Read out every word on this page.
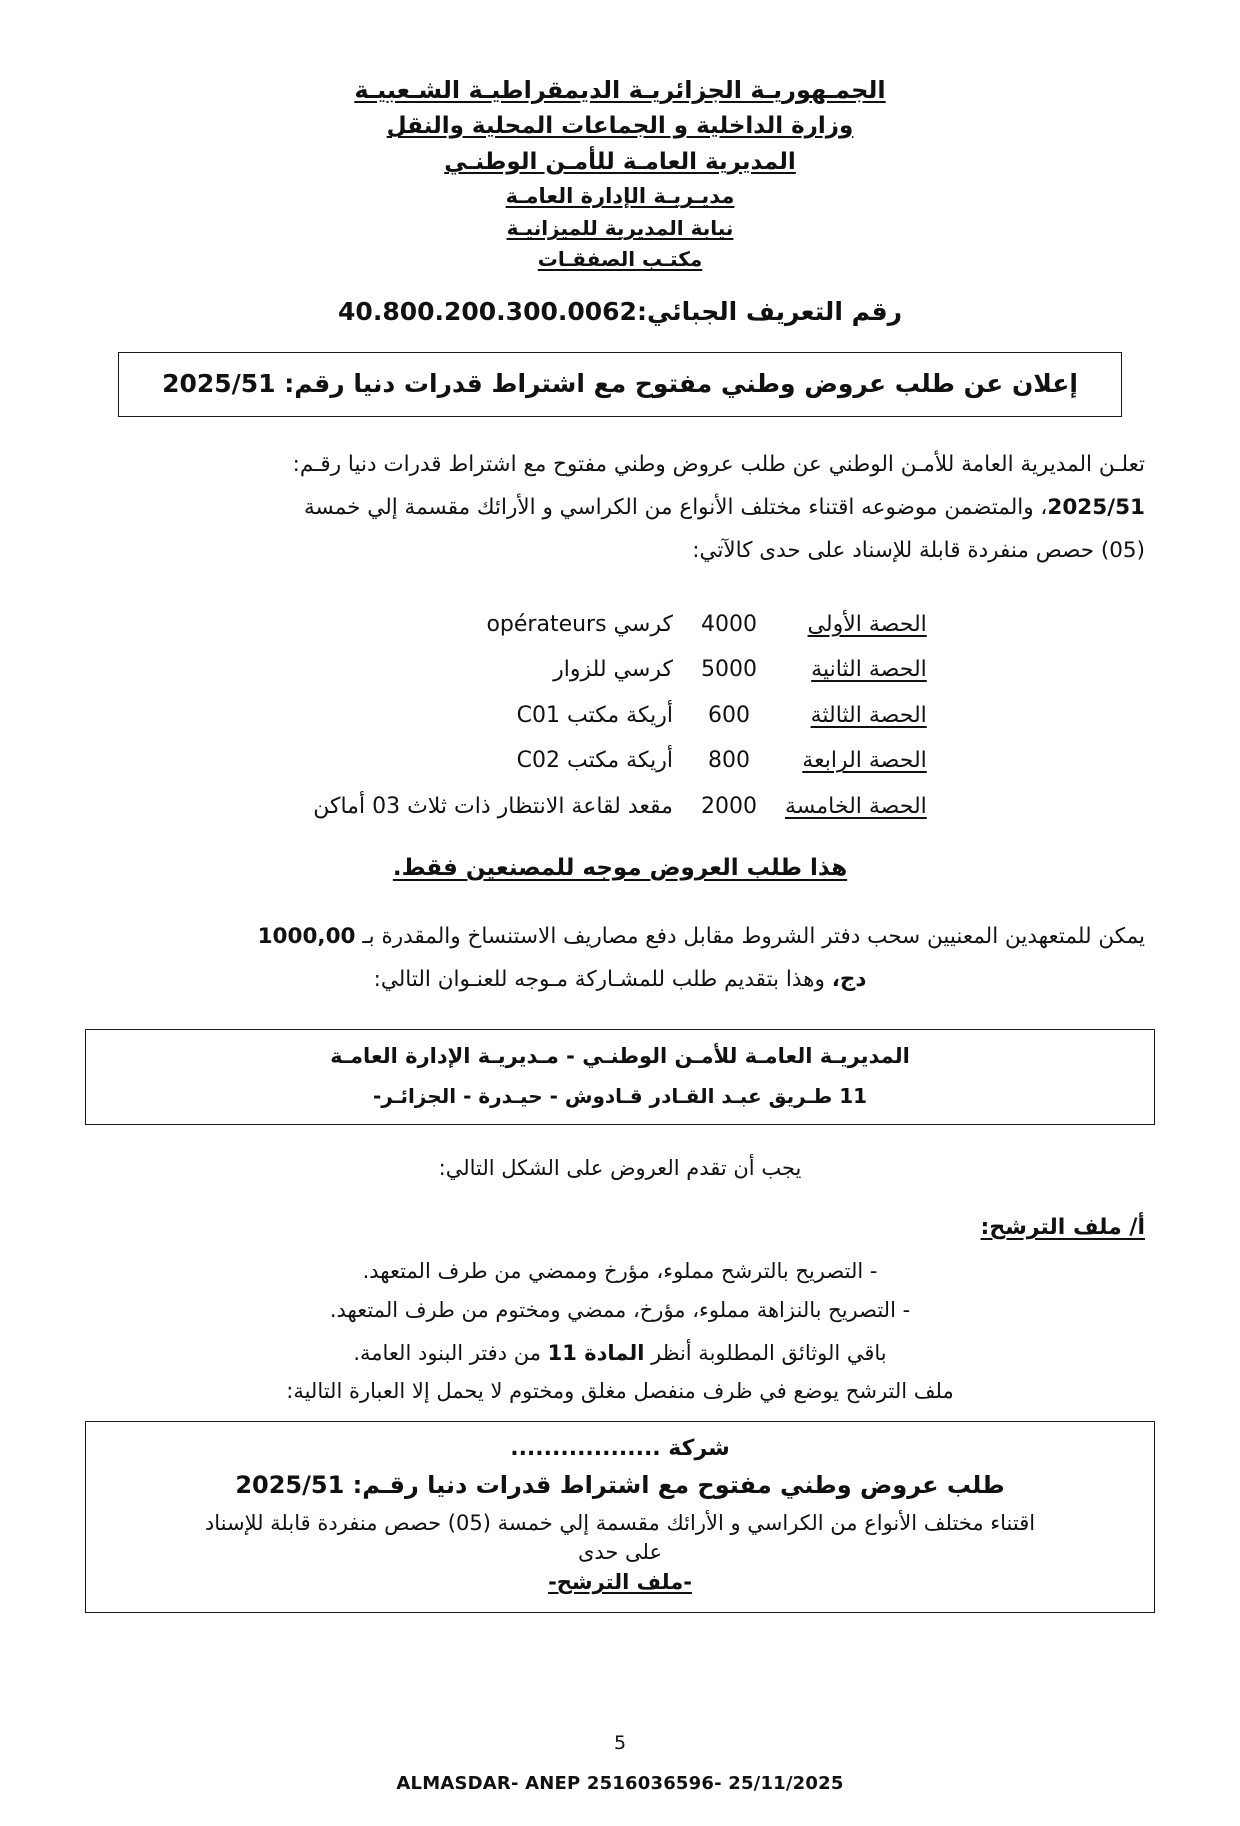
الجمـهوريـة الجزائريـة الديمقراطيـة الشـعبيـة
وزارة الداخلية و الجماعات المحلية والنقل
المديرية العامـة للأمـن الوطنـي
مديـريـة الإدارة العامـة
نيابة المديرية للميزانيـة
مكتـب الصفقـات
رقم التعريف الجبائي:40.800.200.300.0062
إعلان عن طلب عروض وطني مفتوح مع اشتراط قدرات دنيا رقم: 2025/51
تعلـن المديرية العامة للأمـن الوطني عن طلب عروض وطني مفتوح مع اشتراط قدرات دنيا رقـم:
2025/51، والمتضمن موضوعه اقتناء مختلف الأنواع من الكراسي و الأرائك مقسمة إلي خمسة
(05) حصص منفردة قابلة للإسناد على حدى كالآتي:
الحصة الأولى	4000	كرسي opérateurs
الحصة الثانية	5000	كرسي للزوار
الحصة الثالثة	600	أريكة مكتب C01
الحصة الرابعة	800	أريكة مكتب C02
الحصة الخامسة	2000	مقعد لقاعة الانتظار ذات ثلاث 03 أماكن
هذا طلب العروض موجه للمصنعين فقط.
يمكن للمتعهدين المعنيين سحب دفتر الشروط مقابل دفع مصاريف الاستنساخ والمقدرة بـ 1000,00
دج، وهذا بتقديم طلب للمشـاركة مـوجه للعنـوان التالي:
المديريـة العامـة للأمـن الوطنـي - مـديريـة الإدارة العامـة
11 طـريق عبـد القـادر قـادوش - حيـدرة - الجزائـر-
يجب أن تقدم العروض على الشكل التالي:
أ/ ملف الترشح:
- التصريح بالترشح مملوء، مؤرخ وممضي من طرف المتعهد.
- التصريح بالنزاهة مملوء، مؤرخ، ممضي ومختوم من طرف المتعهد.
باقي الوثائق المطلوبة أنظر المادة 11 من دفتر البنود العامة.
ملف الترشح يوضع في ظرف منفصل مغلق ومختوم لا يحمل إلا العبارة التالية:
شركة ..................
طلب عروض وطني مفتوح مع اشتراط قدرات دنيا رقـم: 2025/51
اقتناء مختلف الأنواع من الكراسي و الأرائك مقسمة إلي خمسة (05) حصص منفردة قابلة للإسناد
على حدى
-ملف الترشح-
5
ALMASDAR- ANEP 2516036596- 25/11/2025
